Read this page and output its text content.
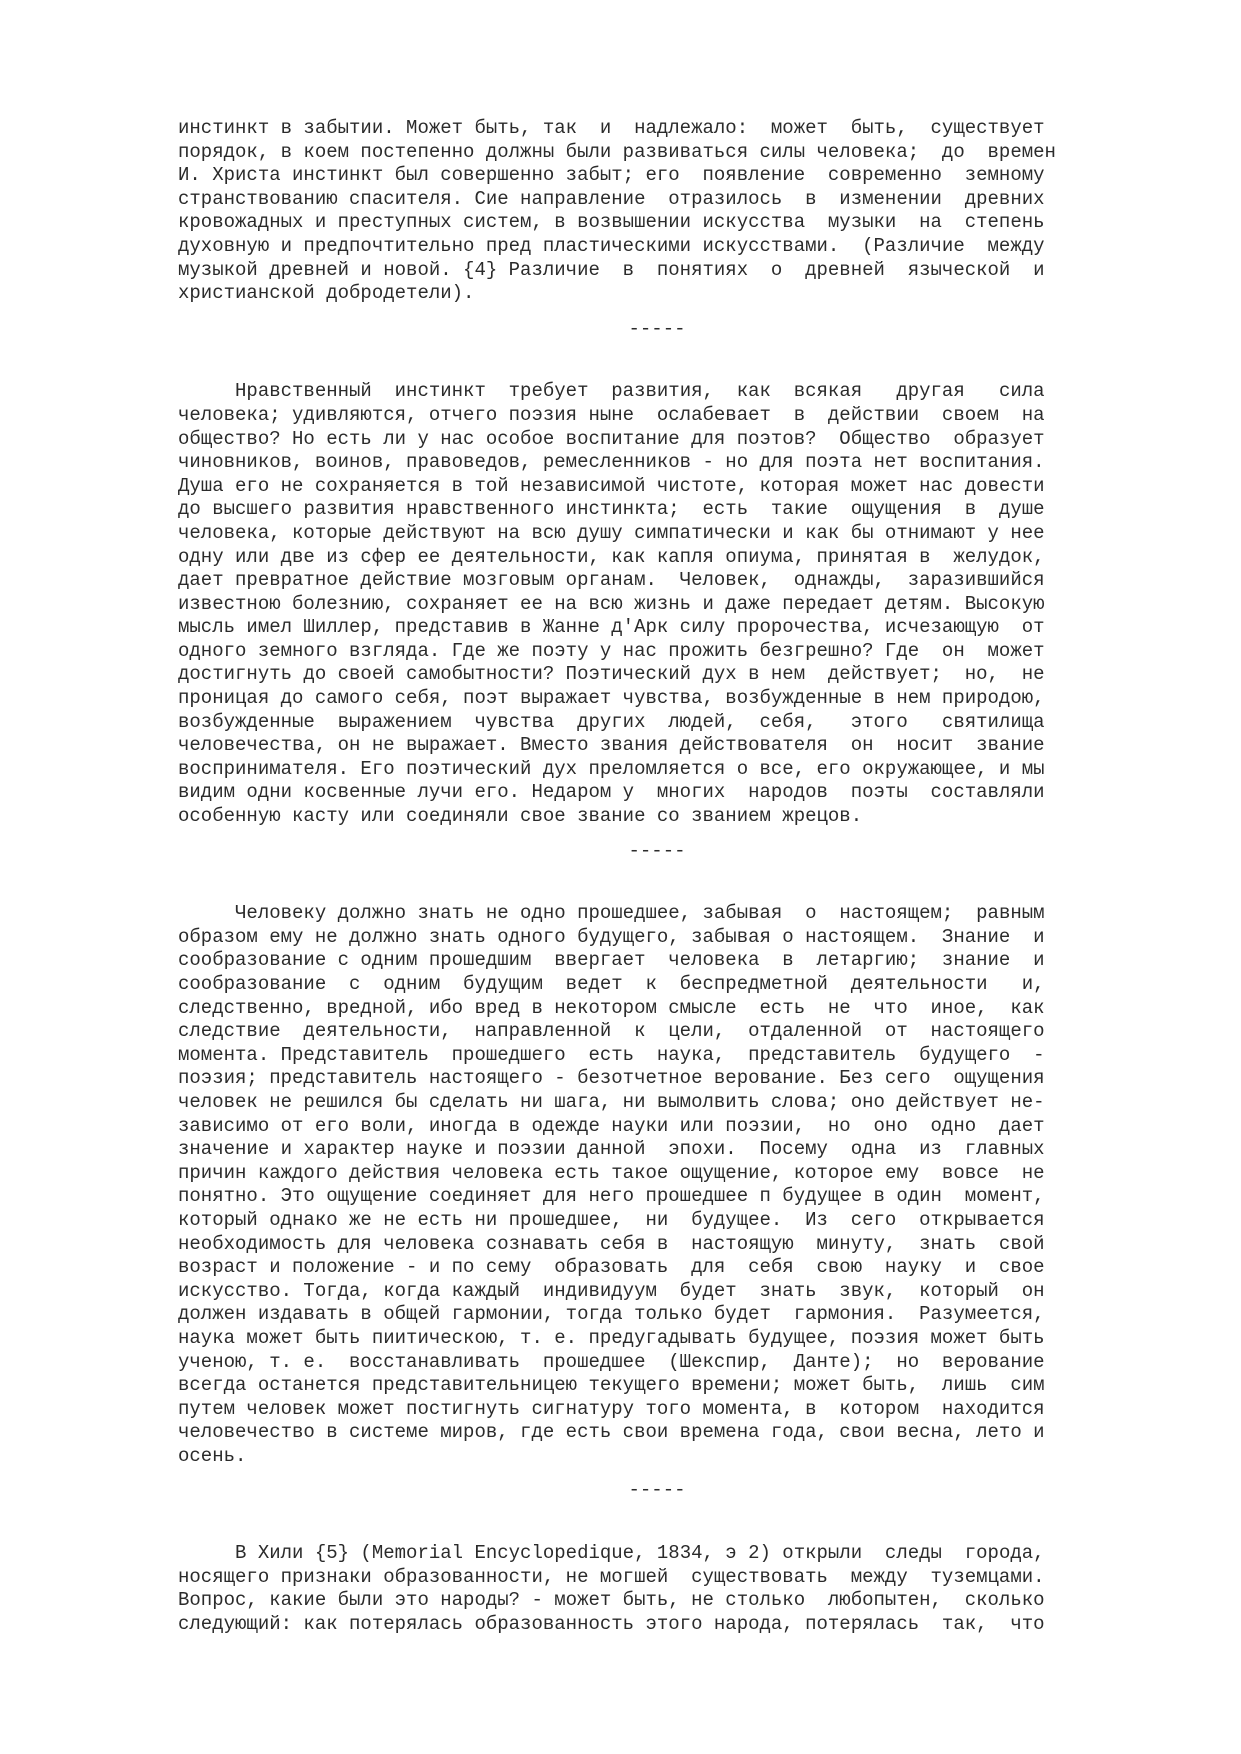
инстинкт в забытии. Может быть, так  и  надлежало:  может  быть,  существует
порядок, в коем постепенно должны были развиваться силы человека;  до  времен
И. Христа инстинкт был совершенно забыт; его  появление  современно  земному
странствованию спасителя. Сие направление  отразилось  в  изменении  древних
кровожадных и преступных систем, в возвышении искусства  музыки  на  степень
духовную и предпочтительно пред пластическими искусствами.  (Различие  между
музыкой древней и новой. {4} Различие  в  понятиях  о  древней  языческой  и
христианской добродетели).

-----

Нравственный  инстинкт  требует  развития,  как  всякая   другая   сила
человека; удивляются, отчего поэзия ныне  ослабевает  в  действии  своем  на
общество? Но есть ли у нас особое воспитание для поэтов?  Общество  образует
чиновников, воинов, правоведов, ремесленников - но для поэта нет воспитания.
Душа его не сохраняется в той независимой чистоте, которая может нас довести
до высшего развития нравственного инстинкта;  есть  такие  ощущения  в  душе
человека, которые действуют на всю душу симпатически и как бы отнимают у нее
одну или две из сфер ее деятельности, как капля опиума, принятая в  желудок,
дает превратное действие мозговым органам.  Человек,  однажды,  заразившийся
известною болезнию, сохраняет ее на всю жизнь и даже передает детям. Высокую
мысль имел Шиллер, представив в Жанне д'Арк силу пророчества, исчезающую  от
одного земного взгляда. Где же поэту у нас прожить безгрешно? Где  он  может
достигнуть до своей самобытности? Поэтический дух в нем  действует;  но,  не
проницая до самого себя, поэт выражает чувства, возбужденные в нем природою,
возбужденные  выражением  чувства  других  людей,  себя,   этого   святилища
человечества, он не выражает. Вместо звания действователя  он  носит  звание
воспринимателя. Его поэтический дух преломляется о все, его окружающее, и мы
видим одни косвенные лучи его. Недаром у  многих  народов  поэты  составляли
особенную касту или соединяли свое звание со званием жрецов.

-----

Человеку должно знать не одно прошедшее, забывая  о  настоящем;  равным
образом ему не должно знать одного будущего, забывая о настоящем.  Знание  и
сообразование с одним прошедшим  ввергает  человека  в  летаргию;  знание  и
сообразование  с  одним  будущим  ведет  к  беспредметной  деятельности   и,
следственно, вредной, ибо вред в некотором смысле  есть  не  что  иное,  как
следствие  деятельности,  направленной  к  цели,  отдаленной  от  настоящего
момента. Представитель  прошедшего  есть  наука,  представитель  будущего  -
поэзия; представитель настоящего - безотчетное верование. Без сего  ощущения
человек не решился бы сделать ни шага, ни вымолвить слова; оно действует не-
зависимо от его воли, иногда в одежде науки или поэзии,  но  оно  одно  дает
значение и характер науке и поэзии данной  эпохи.  Посему  одна  из  главных
причин каждого действия человека есть такое ощущение, которое ему  вовсе  не
понятно. Это ощущение соединяет для него прошедшее п будущее в один  момент,
который однако же не есть ни прошедшее,  ни  будущее.  Из  сего  открывается
необходимость для человека сознавать себя в  настоящую  минуту,  знать  свой
возраст и положение - и по сему  образовать  для  себя  свою  науку  и  свое
искусство. Тогда, когда каждый  индивидуум  будет  знать  звук,  который  он
должен издавать в общей гармонии, тогда только будет  гармония.  Разумеется,
наука может быть пиитическою, т. е. предугадывать будущее, поэзия может быть
ученою, т. е.  восстанавливать  прошедшее  (Шекспир,  Данте);  но  верование
всегда останется представительницею текущего времени; может быть,  лишь  сим
путем человек может постигнуть сигнатуру того момента, в  котором  находится
человечество в системе миров, где есть свои времена года, свои весна, лето и
осень.

-----

В Хили {5} (Memorial Encyclopedique, 1834, э 2) открыли  следы  города,
носящего признаки образованности, не могшей  существовать  между  туземцами.
Вопрос, какие были это народы? - может быть, не столько  любопытен,  сколько
следующий: как потерялась образованность этого народа, потерялась  так,  что
